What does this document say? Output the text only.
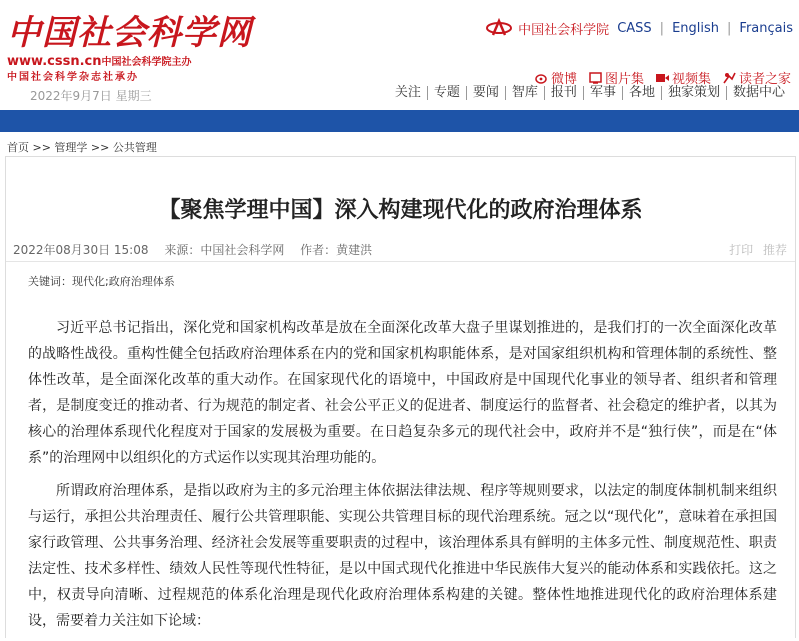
中国社会科学网
www.cssn.cn中国社会科学院主办
中国社会科学杂志社承办
2022年9月7日 星期三
中国社会科学院 CASS | English | Français
微博 图片集 视频集 读者之家
关注	专题	要闻	智库	报刊	军事	各地	独家策划	数据中心
首页 >> 管理学 >> 公共管理
【聚焦学理中国】深入构建现代化的政府治理体系
2022年08月30日 15:08 来源：中国社会科学网 作者：黄建洪	打印 推荐
关键词：现代化;政府治理体系

习近平总书记指出，深化党和国家机构改革是放在全面深化改革大盘子里谋划推进的，是我们打的一次全面深化改革的战略性战役。重构性健全包括政府治理体系在内的党和国家机构职能体系，是对国家组织机构和管理体制的系统性、整体性改革，是全面深化改革的重大动作。在国家现代化的语境中，中国政府是中国现代化事业的领导者、组织者和管理者，是制度变迁的推动者、行为规范的制定者、社会公平正义的促进者、制度运行的监督者、社会稳定的维护者，以其为核心的治理体系现代化程度对于国家的发展极为重要。在日趋复杂多元的现代社会中，政府并不是“独行侠”，而是在“体系”的治理网中以组织化的方式运作以实现其治理功能的。

所谓政府治理体系，是指以政府为主的多元治理主体依据法律法规、程序等规则要求，以法定的制度体制机制来组织与运行，承担公共治理责任、履行公共管理职能、实现公共管理目标的现代治理系统。冠之以“现代化”，意味着在承担国家行政管理、公共事务治理、经济社会发展等重要职责的过程中，该治理体系具有鲜明的主体多元性、制度规范性、职责法定性、技术多样性、绩效人民性等现代性特征，是以中国式现代化推进中华民族伟大复兴的能动体系和实践依托。这之中，权责导向清晰、过程规范的体系化治理是现代化政府治理体系构建的关键。整体性地推进现代化的政府治理体系建设，需要着力关注如下论域：
